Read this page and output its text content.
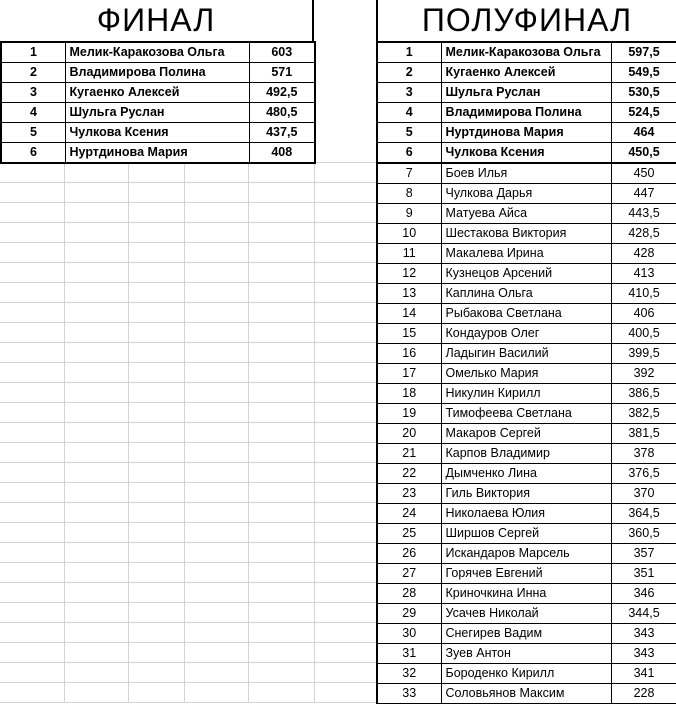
ФИНАЛ	ПОЛУФИНАЛ
1	Мелик-Каракозова Ольга	603
2	Владимирова Полина	571
3	Кугаенко Алексей	492,5
4	Шульга Руслан	480,5
5	Чулкова Ксения	437,5
6	Нуртдинова Мария	408
1	Мелик-Каракозова Ольга	597,5
2	Кугаенко Алексей	549,5
3	Шульга Руслан	530,5
4	Владимирова Полина	524,5
5	Нуртдинова Мария	464
6	Чулкова Ксения	450,5
7	Боев Илья	450
8	Чулкова Дарья	447
9	Матуева Айса	443,5
10	Шестакова Виктория	428,5
11	Макалева Ирина	428
12	Кузнецов Арсений	413
13	Каплина Ольга	410,5
14	Рыбакова Светлана	406
15	Кондауров Олег	400,5
16	Ладыгин Василий	399,5
17	Омелько Мария	392
18	Никулин Кирилл	386,5
19	Тимофеева Светлана	382,5
20	Макаров Сергей	381,5
21	Карпов Владимир	378
22	Дымченко Лина	376,5
23	Гиль Виктория	370
24	Николаева Юлия	364,5
25	Ширшов Сергей	360,5
26	Искандаров Марсель	357
27	Горячев Евгений	351
28	Криночкина Инна	346
29	Усачев Николай	344,5
30	Снегирев Вадим	343
31	Зуев Антон	343
32	Бороденко Кирилл	341
33	Соловьянов Максим	228
